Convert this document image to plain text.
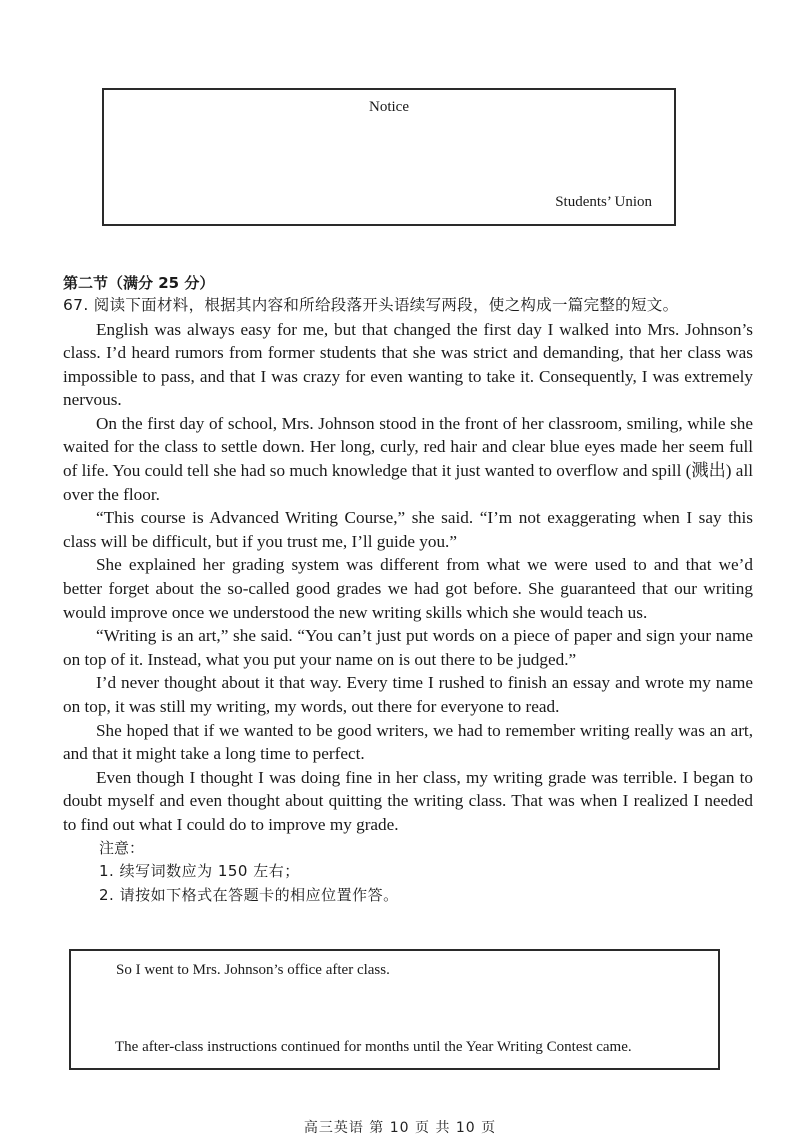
Notice
Students’ Union

第二节（满分 25 分）

67. 阅读下面材料，根据其内容和所给段落开头语续写两段，使之构成一篇完整的短文。

English was always easy for me, but that changed the first day I walked into Mrs. Johnson’s class. I’d heard rumors from former students that she was strict and demanding, that her class was impossible to pass, and that I was crazy for even wanting to take it. Consequently, I was extremely nervous.

On the first day of school, Mrs. Johnson stood in the front of her classroom, smiling, while she waited for the class to settle down. Her long, curly, red hair and clear blue eyes made her seem full of life. You could tell she had so much knowledge that it just wanted to overflow and spill (溅出) all over the floor.

“This course is Advanced Writing Course,” she said. “I’m not exaggerating when I say this class will be difficult, but if you trust me, I’ll guide you.”

She explained her grading system was different from what we were used to and that we’d better forget about the so-called good grades we had got before. She guaranteed that our writing would improve once we understood the new writing skills which she would teach us.

“Writing is an art,” she said. “You can’t just put words on a piece of paper and sign your name on top of it. Instead, what you put your name on is out there to be judged.”

I’d never thought about it that way. Every time I rushed to finish an essay and wrote my name on top, it was still my writing, my words, out there for everyone to read.

She hoped that if we wanted to be good writers, we had to remember writing really was an art, and that it might take a long time to perfect.

Even though I thought I was doing fine in her class, my writing grade was terrible. I began to doubt myself and even thought about quitting the writing class. That was when I realized I needed to find out what I could do to improve my grade.

注意：
1. 续写词数应为 150 左右；
2. 请按如下格式在答题卡的相应位置作答。
So I went to Mrs. Johnson’s office after class.
The after-class instructions continued for months until the Year Writing Contest came.
高三英语 第 10 页 共 10 页
